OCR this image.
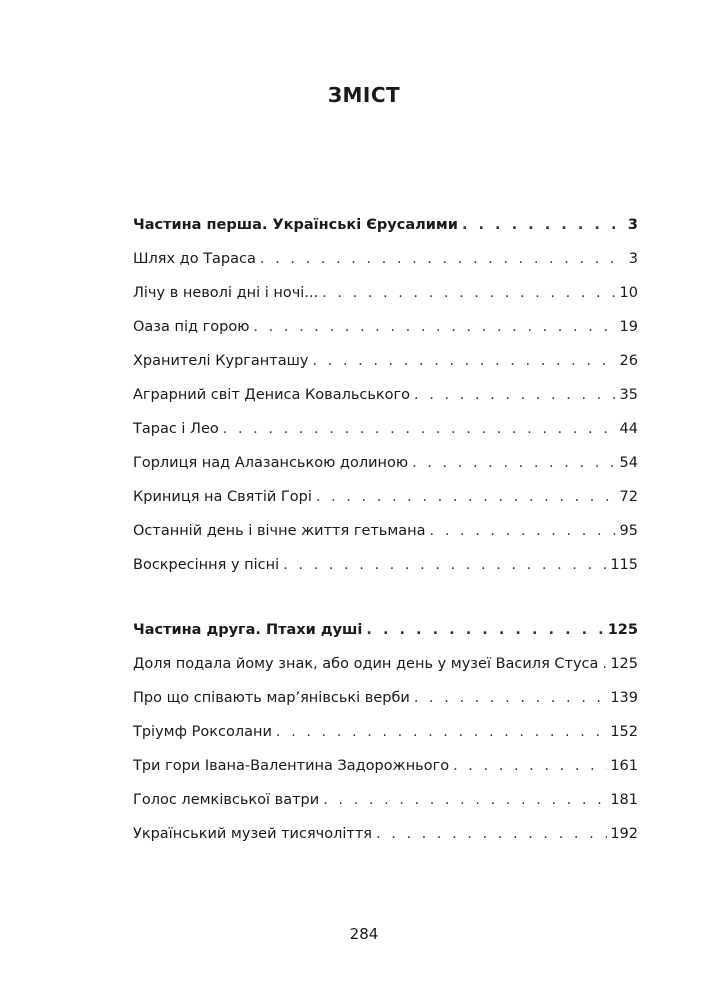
ЗМІСТ
Частина перша. Українські Єрусалими . . .	3
Шлях до Тараса . . .	3
Лічу в неволі дні і ночі... . . .	10
Оаза під горою . . .	19
Хранителі Курганташу . . .	26
Аграрний світ Дениса Ковальського . . .	35
Тарас і Лео . . .	44
Горлиця над Алазанською долиною . . .	54
Криниця на Святій Горі . . .	72
Останній день і вічне життя гетьмана . . .	95
Воскресіння у пісні . . .	115
Частина друга. Птахи душі . . .	125
Доля подала йому знак, або один день у музеї Василя Стуса . . . 125
Про що співають мар’янівські верби . . .	139
Тріумф Роксолани . . .	152
Три гори Івана-Валентина Задорожнього . . .	161
Голос лемківської ватри . . .	181
Український музей тисячоліття . . .	192
284
